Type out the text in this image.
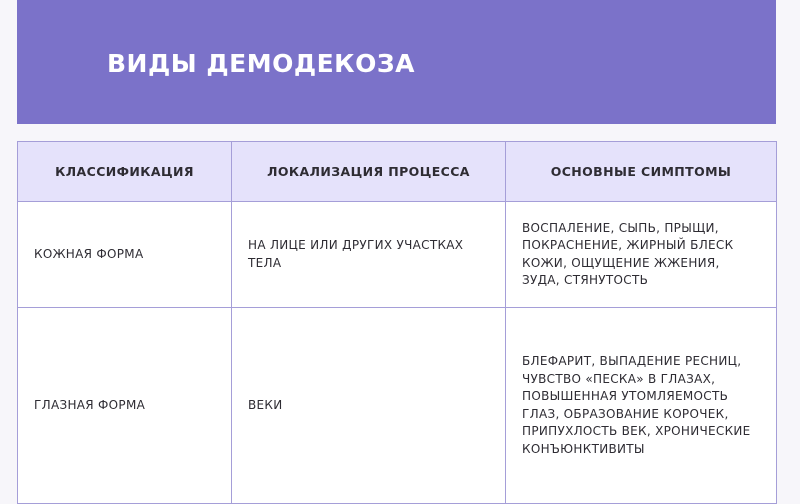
ВИДЫ ДЕМОДЕКОЗА
КЛАССИФИКАЦИЯ	ЛОКАЛИЗАЦИЯ ПРОЦЕССА	ОСНОВНЫЕ СИМПТОМЫ
КОЖНАЯ ФОРМА	НА ЛИЦЕ ИЛИ ДРУГИХ УЧАСТКАХ ТЕЛА	ВОСПАЛЕНИЕ, СЫПЬ, ПРЫЩИ, ПОКРАСНЕНИЕ, ЖИРНЫЙ БЛЕСК КОЖИ, ОЩУЩЕНИЕ ЖЖЕНИЯ, ЗУДА, СТЯНУТОСТЬ
ГЛАЗНАЯ ФОРМА	ВЕКИ	БЛЕФАРИТ, ВЫПАДЕНИЕ РЕСНИЦ, ЧУВСТВО «ПЕСКА» В ГЛАЗАХ, ПОВЫШЕННАЯ УТОМЛЯЕМОСТЬ ГЛАЗ, ОБРАЗОВАНИЕ КОРОЧЕК, ПРИПУХЛОСТЬ ВЕК, ХРОНИЧЕСКИЕ КОНЪЮНКТИВИТЫ
